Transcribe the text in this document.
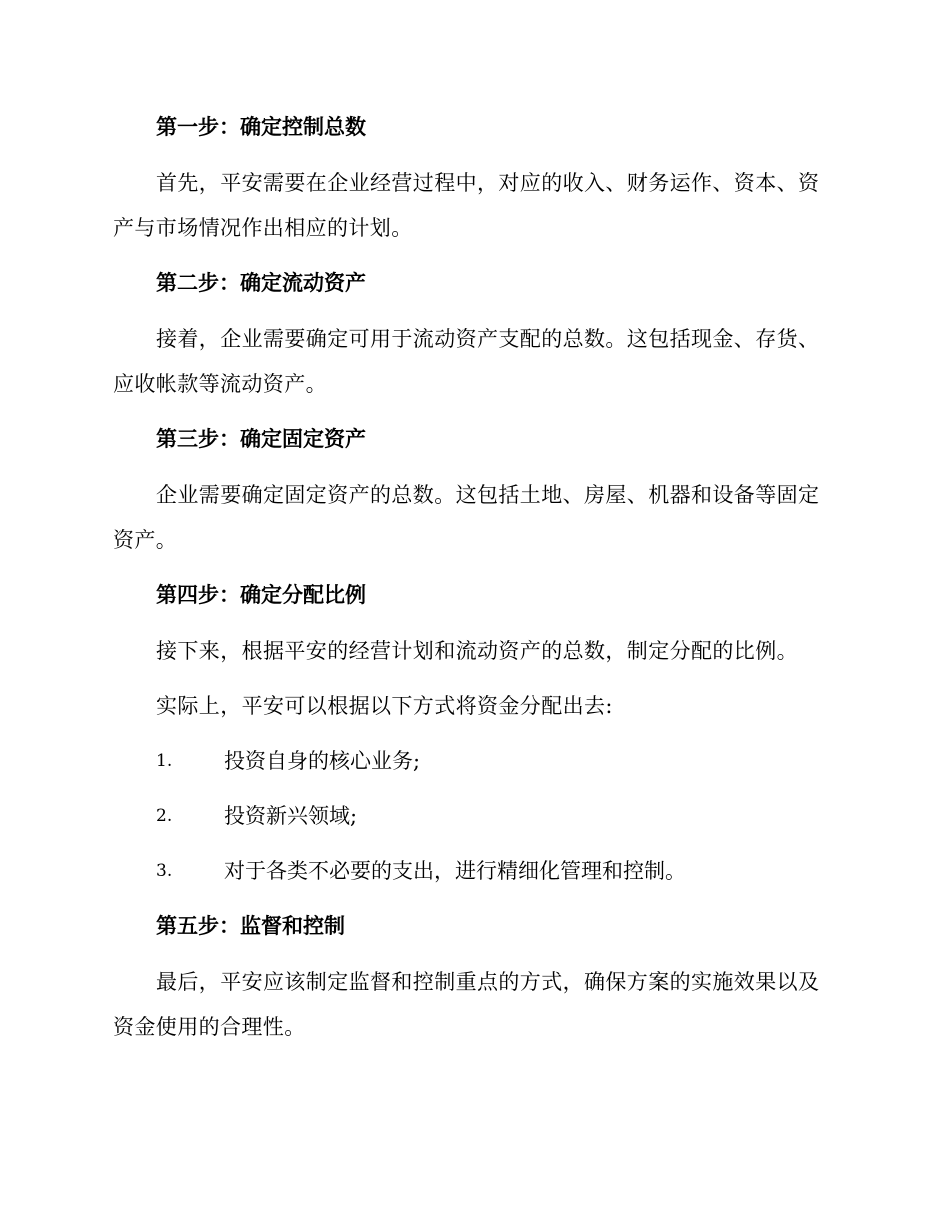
第一步：确定控制总数

首先，平安需要在企业经营过程中，对应的收入、财务运作、资本、资产与市场情况作出相应的计划。

第二步：确定流动资产

接着，企业需要确定可用于流动资产支配的总数。这包括现金、存货、应收帐款等流动资产。

第三步：确定固定资产

企业需要确定固定资产的总数。这包括土地、房屋、机器和设备等固定资产。

第四步：确定分配比例

接下来，根据平安的经营计划和流动资产的总数，制定分配的比例。

实际上，平安可以根据以下方式将资金分配出去:

1. 投资自身的核心业务;
2. 投资新兴领域;
3. 对于各类不必要的支出，进行精细化管理和控制。
第五步：监督和控制

最后，平安应该制定监督和控制重点的方式，确保方案的实施效果以及资金使用的合理性。
